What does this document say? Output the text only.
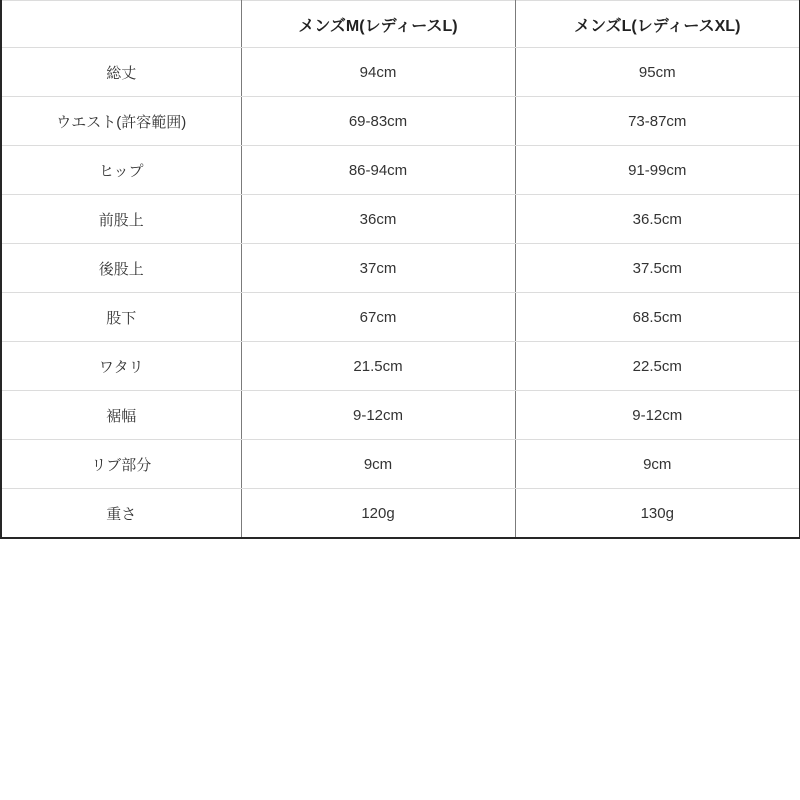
	メンズM(レディースL)	メンズL(レディースXL)
総丈	94cm	95cm
ウエスト(許容範囲)	69-83cm	73-87cm
ヒップ	86-94cm	91-99cm
前股上	36cm	36.5cm
後股上	37cm	37.5cm
股下	67cm	68.5cm
ワタリ	21.5cm	22.5cm
裾幅	9-12cm	9-12cm
リブ部分	9cm	9cm
重さ	120g	130g
